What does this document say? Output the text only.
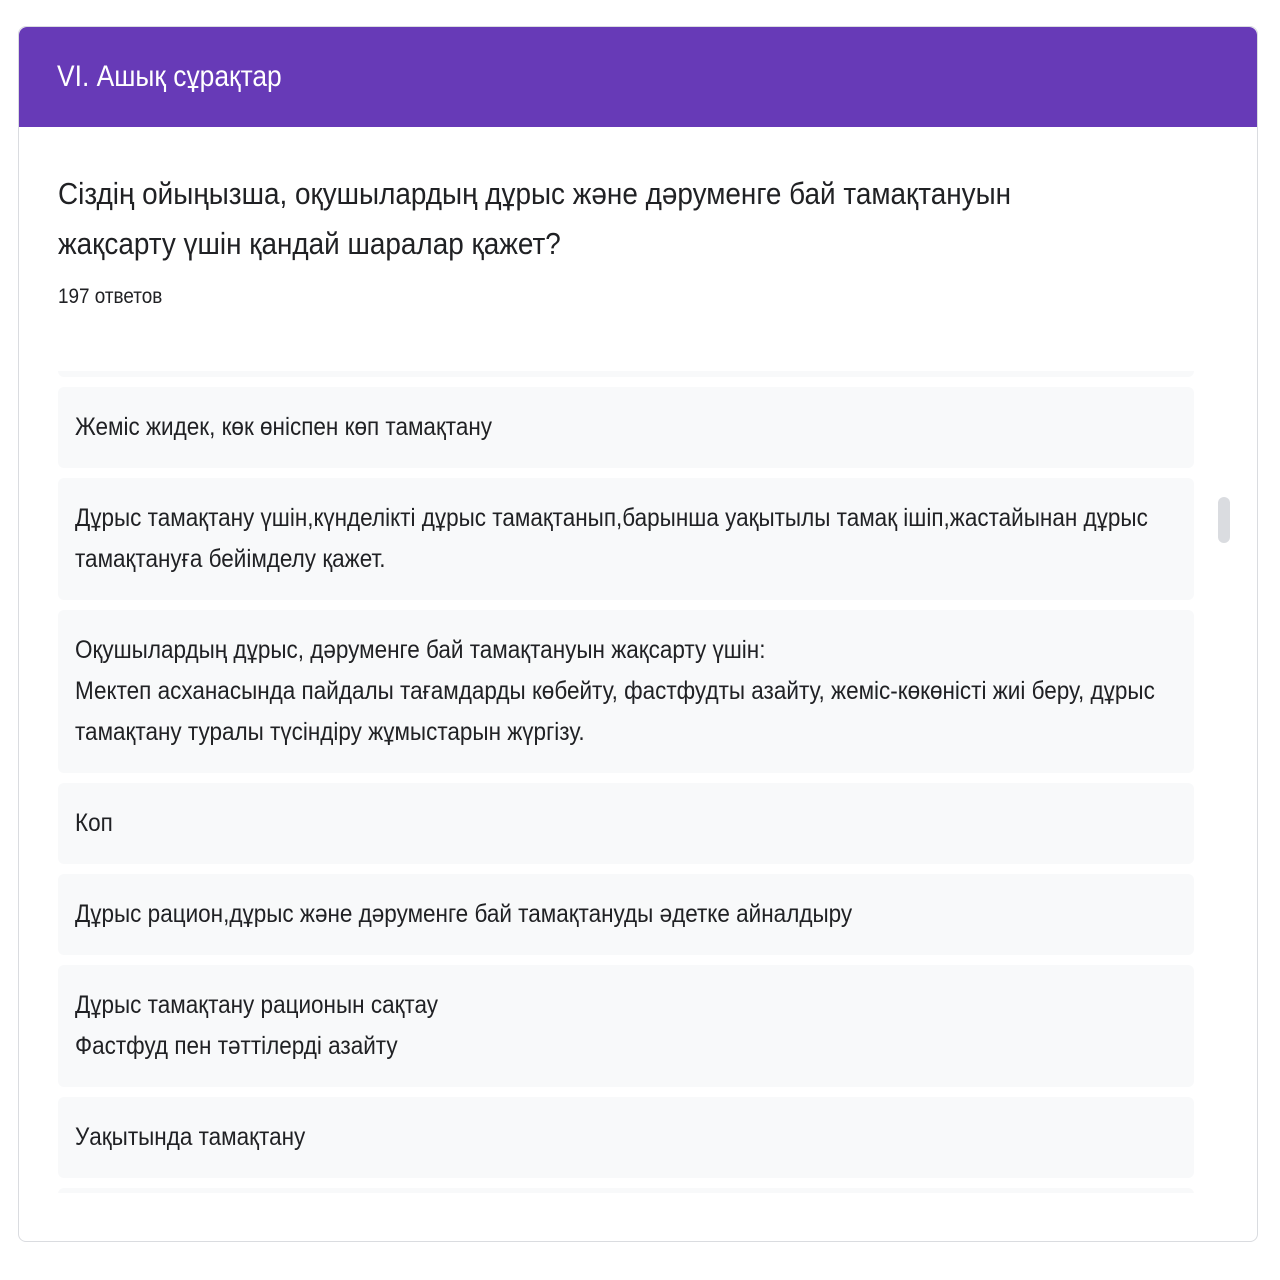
VI. Ашық сұрақтар
Сіздің ойыңызша, оқушылардың дұрыс және дәруменге бай тамақтануын жақсарту үшін қандай шаралар қажет?
197 ответов
Жеміс жидек, көк өніспен көп тамақтану
Дұрыс тамақтану үшін,күнделікті дұрыс тамақтанып,барынша уақытылы тамақ ішіп,жастайынан дұрыс тамақтануға бейімделу қажет.
Оқушылардың дұрыс, дәруменге бай тамақтануын жақсарту үшін:
Мектеп асханасында пайдалы тағамдарды көбейту, фастфудты азайту, жеміс-көкөністі жиі беру, дұрыс тамақтану туралы түсіндіру жұмыстарын жүргізу.
Коп
Дұрыс рацион,дұрыс және дәруменге бай тамақтануды әдетке айналдыру
Дұрыс тамақтану рационын сақтау
Фастфуд пен тәттілерді азайту
Уақытында тамақтану
